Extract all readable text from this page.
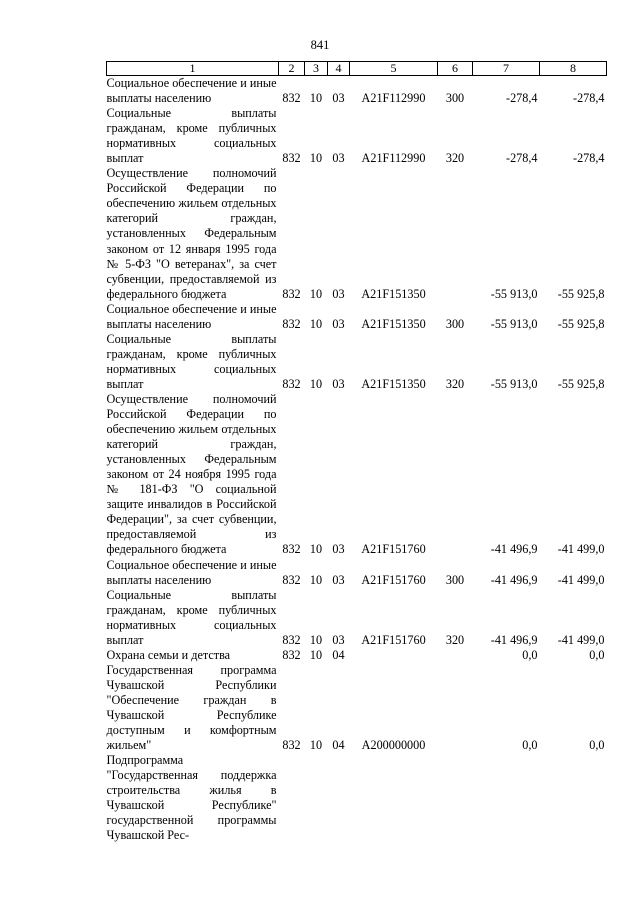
841
1	2	3	4	5	6	7	8
Социальное обеспечение и иные выплаты населению	832	10	03	A21F112990	300	-278,4	-278,4
Социальные выплаты гражданам, кроме публичных нормативных социальных выплат	832	10	03	A21F112990	320	-278,4	-278,4
Осуществление полномочий Российской Федерации по обеспечению жильем отдельных категорий граждан, установленных Федеральным законом от 12 января 1995 года № 5-ФЗ "О ветеранах", за счет субвенции, предоставляемой из федерального бюджета	832	10	03	A21F151350		-55 913,0	-55 925,8
Социальное обеспечение и иные выплаты населению	832	10	03	A21F151350	300	-55 913,0	-55 925,8
Социальные выплаты гражданам, кроме публичных нормативных социальных выплат	832	10	03	A21F151350	320	-55 913,0	-55 925,8
Осуществление полномочий Российской Федерации по обеспечению жильем отдельных категорий граждан, установленных Федеральным законом от 24 ноября 1995 года № 181-ФЗ "О социальной защите инвалидов в Российской Федерации", за счет субвенции, предоставляемой из федерального бюджета	832	10	03	A21F151760		-41 496,9	-41 499,0
Социальное обеспечение и иные выплаты населению	832	10	03	A21F151760	300	-41 496,9	-41 499,0
Социальные выплаты гражданам, кроме публичных нормативных социальных выплат	832	10	03	A21F151760	320	-41 496,9	-41 499,0
Охрана семьи и детства	832	10	04			0,0	0,0
Государственная программа Чувашской Республики "Обеспечение граждан в Чувашской Республике доступным и комфортным жильем"	832	10	04	A200000000		0,0	0,0
Подпрограмма "Государственная поддержка строительства жилья в Чувашской Республике" государственной программы Чувашской Рес-							
